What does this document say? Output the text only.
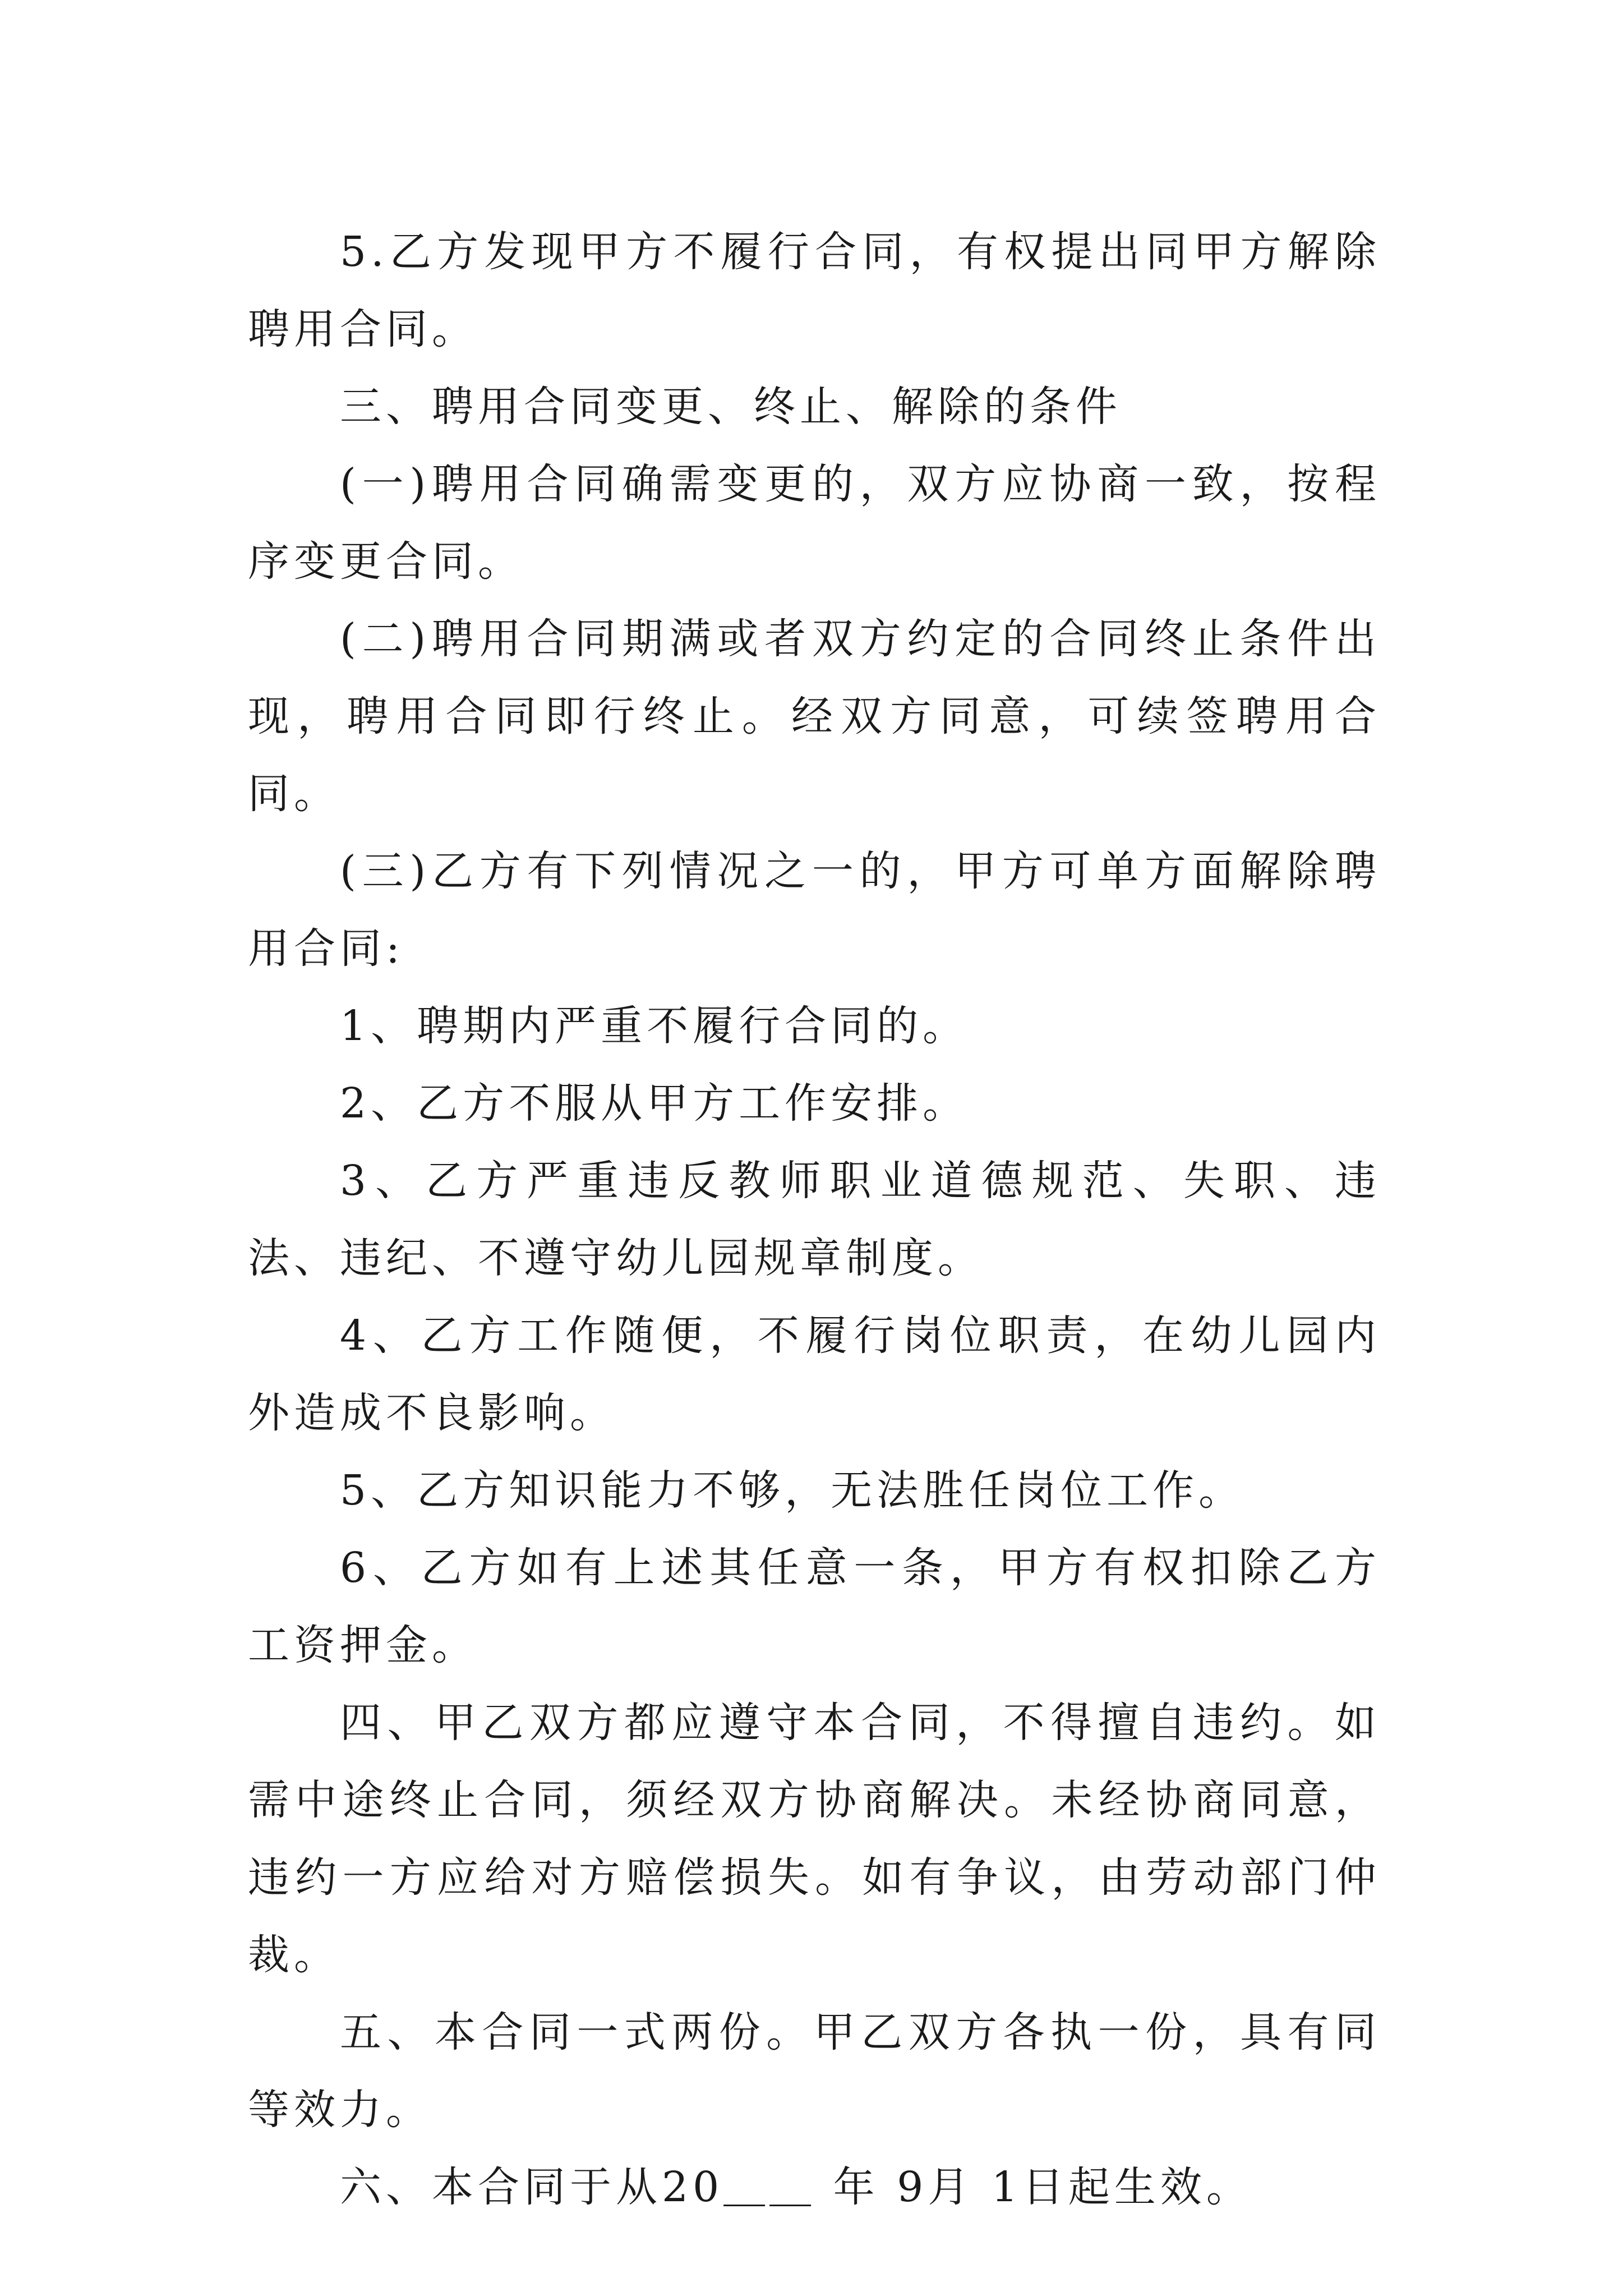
5.乙方发现甲方不履行合同，有权提出同甲方解除聘用合同。

三、聘用合同变更、终止、解除的条件

(一)聘用合同确需变更的，双方应协商一致，按程序变更合同。

(二)聘用合同期满或者双方约定的合同终止条件出现，聘用合同即行终止。经双方同意，可续签聘用合同。

(三)乙方有下列情况之一的，甲方可单方面解除聘用合同:

1、聘期内严重不履行合同的。

2、乙方不服从甲方工作安排。

3、乙方严重违反教师职业道德规范、失职、违法、违纪、不遵守幼儿园规章制度。

4、乙方工作随便，不履行岗位职责，在幼儿园内外造成不良影响。

5、乙方知识能力不够，无法胜任岗位工作。

6、乙方如有上述其任意一条，甲方有权扣除乙方工资押金。

四、甲乙双方都应遵守本合同，不得擅自违约。如需中途终止合同，须经双方协商解决。未经协商同意，违约一方应给对方赔偿损失。如有争议，由劳动部门仲裁。

五、本合同一式两份。甲乙双方各执一份，具有同等效力。

六、本合同于从20＿＿ 年 9月 1日起生效。
